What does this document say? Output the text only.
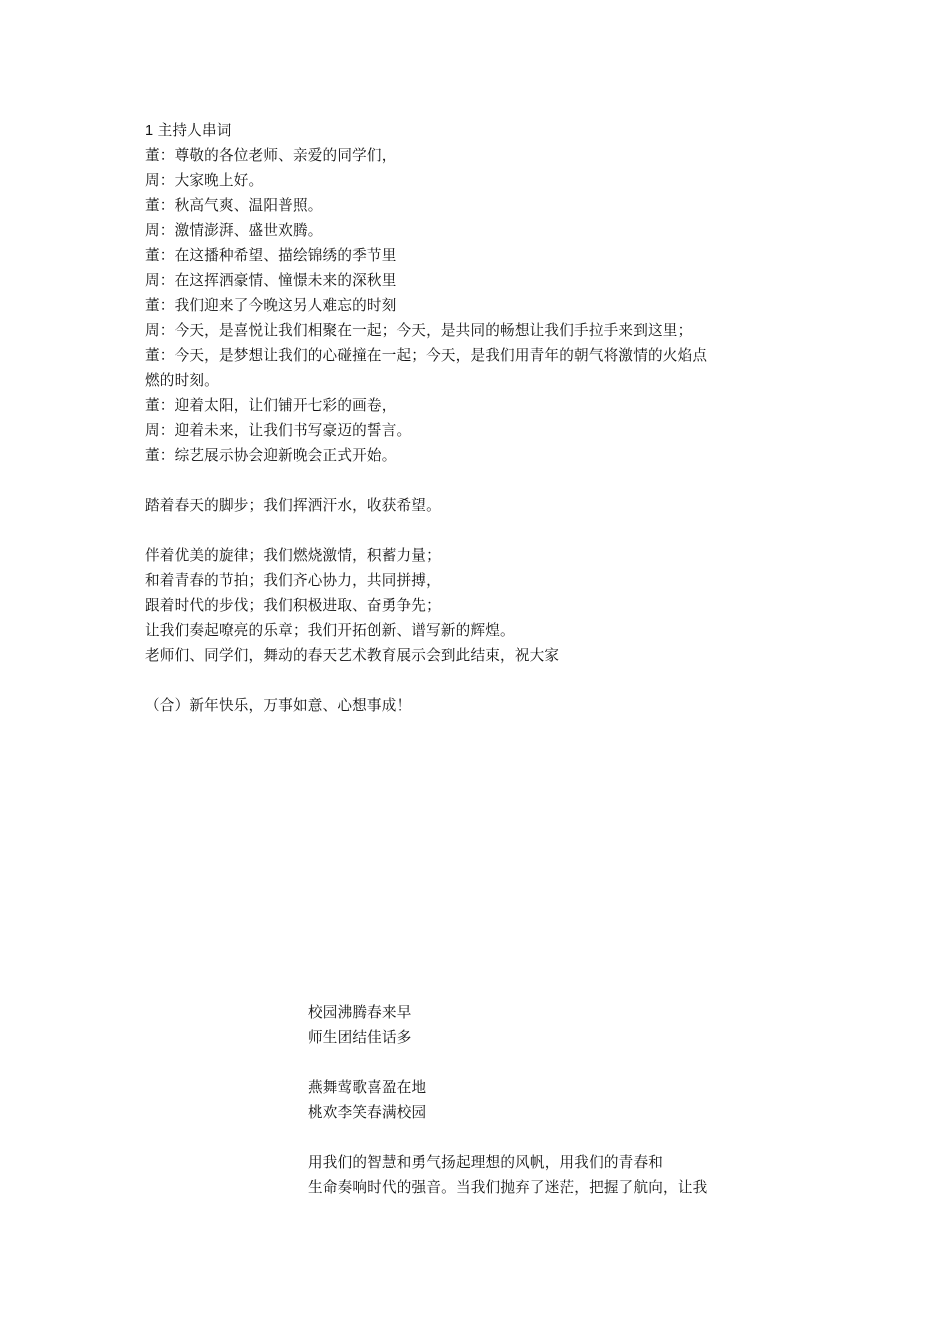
1 主持人串词
董：尊敬的各位老师、亲爱的同学们，
周：大家晚上好。
董：秋高气爽、温阳普照。
周：激情澎湃、盛世欢腾。
董：在这播种希望、描绘锦绣的季节里
周：在这挥洒豪情、憧憬未来的深秋里
董：我们迎来了今晚这另人难忘的时刻
周：今天，是喜悦让我们相聚在一起；今天，是共同的畅想让我们手拉手来到这里；
董：今天，是梦想让我们的心碰撞在一起；今天，是我们用青年的朝气将激情的火焰点
燃的时刻。
董：迎着太阳，让们铺开七彩的画卷，
周：迎着未来，让我们书写豪迈的誓言。
董：综艺展示协会迎新晚会正式开始。
踏着春天的脚步；我们挥洒汗水，收获希望。
伴着优美的旋律；我们燃烧激情，积蓄力量；
和着青春的节拍；我们齐心协力，共同拼搏，
跟着时代的步伐；我们积极进取、奋勇争先；
让我们奏起嘹亮的乐章；我们开拓创新、谱写新的辉煌。
老师们、同学们，舞动的春天艺术教育展示会到此结束，祝大家
（合）新年快乐，万事如意、心想事成！
校园沸腾春来早
师生团结佳话多
燕舞莺歌喜盈在地
桃欢李笑春满校园
用我们的智慧和勇气扬起理想的风帆，用我们的青春和
生命奏响时代的强音。当我们抛弃了迷茫，把握了航向，让我
